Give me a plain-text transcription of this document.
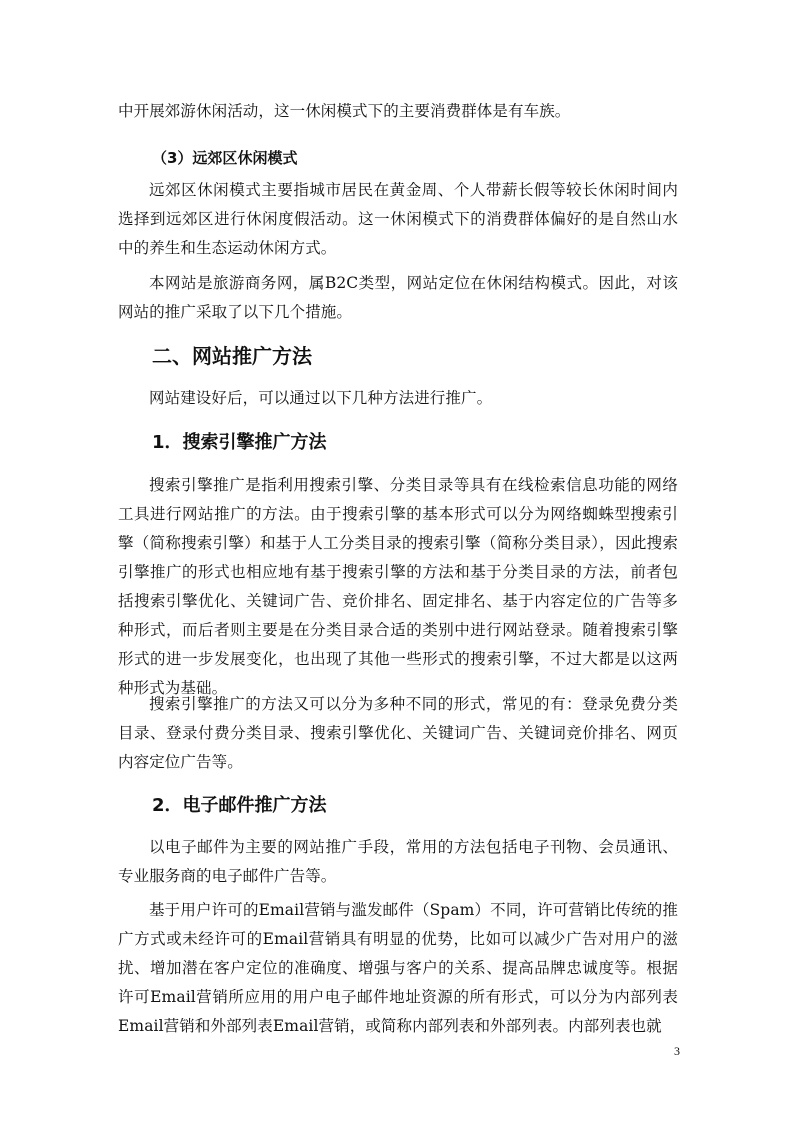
中开展郊游休闲活动，这一休闲模式下的主要消费群体是有车族。

（3）远郊区休闲模式

远郊区休闲模式主要指城市居民在黄金周、个人带薪长假等较长休闲时间内选择到远郊区进行休闲度假活动。这一休闲模式下的消费群体偏好的是自然山水中的养生和生态运动休闲方式。

本网站是旅游商务网，属B2C类型，网站定位在休闲结构模式。因此，对该网站的推广采取了以下几个措施。

二、网站推广方法

网站建设好后，可以通过以下几种方法进行推广。

1．搜索引擎推广方法

搜索引擎推广是指利用搜索引擎、分类目录等具有在线检索信息功能的网络工具进行网站推广的方法。由于搜索引擎的基本形式可以分为网络蜘蛛型搜索引擎（简称搜索引擎）和基于人工分类目录的搜索引擎（简称分类目录），因此搜索引擎推广的形式也相应地有基于搜索引擎的方法和基于分类目录的方法，前者包括搜索引擎优化、关键词广告、竞价排名、固定排名、基于内容定位的广告等多种形式，而后者则主要是在分类目录合适的类别中进行网站登录。随着搜索引擎形式的进一步发展变化，也出现了其他一些形式的搜索引擎，不过大都是以这两种形式为基础。

搜索引擎推广的方法又可以分为多种不同的形式，常见的有：登录免费分类目录、登录付费分类目录、搜索引擎优化、关键词广告、关键词竞价排名、网页内容定位广告等。

2．电子邮件推广方法

以电子邮件为主要的网站推广手段，常用的方法包括电子刊物、会员通讯、专业服务商的电子邮件广告等。

基于用户许可的Email营销与滥发邮件（Spam）不同，许可营销比传统的推广方式或未经许可的Email营销具有明显的优势，比如可以减少广告对用户的滋扰、增加潜在客户定位的准确度、增强与客户的关系、提高品牌忠诚度等。根据许可Email营销所应用的用户电子邮件地址资源的所有形式，可以分为内部列表Email营销和外部列表Email营销，或简称内部列表和外部列表。内部列表也就

3
